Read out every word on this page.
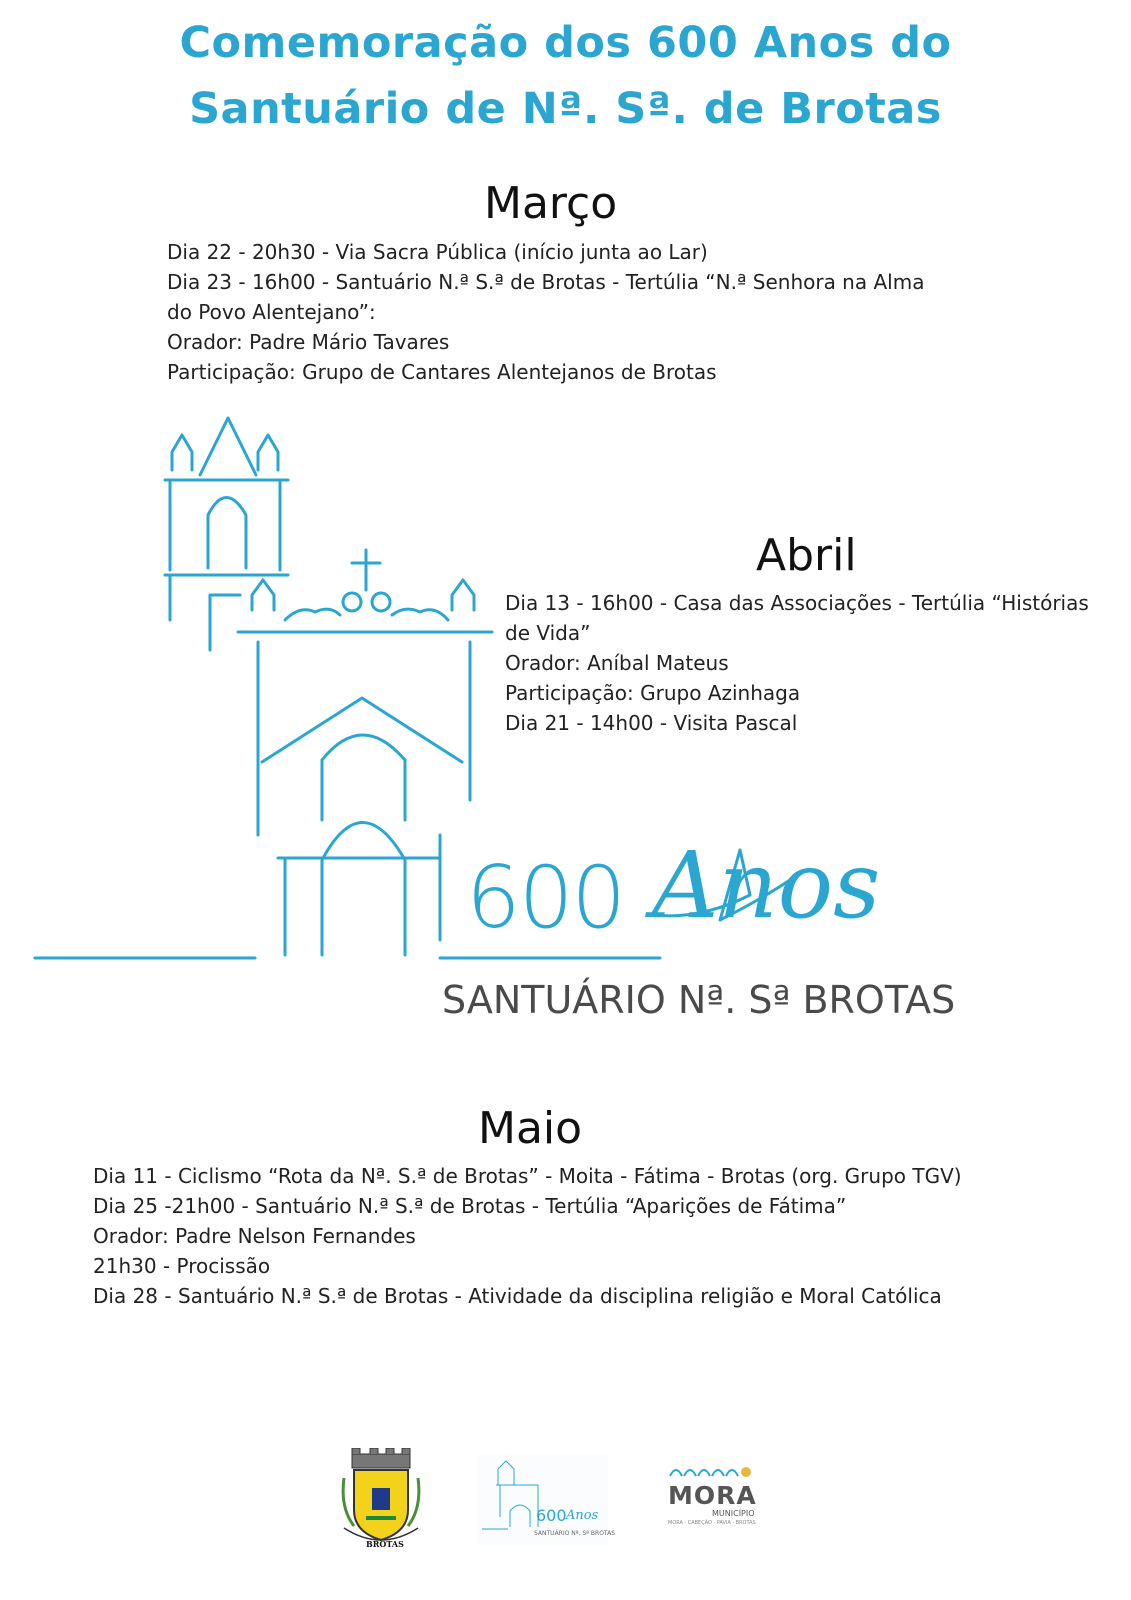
Comemoração dos 600 Anos do
Santuário de Nª. Sª. de Brotas
600 Anos
SANTUÁRIO Nª. Sª BROTAS
Março
Dia 22 - 20h30 - Via Sacra Pública (início junta ao Lar)
Dia 23 - 16h00 - Santuário N.ª S.ª de Brotas - Tertúlia “N.ª Senhora na Alma
do Povo Alentejano”:
Orador: Padre Mário Tavares
Participação: Grupo de Cantares Alentejanos de Brotas
Abril
Dia 13 - 16h00 - Casa das Associações - Tertúlia “Histórias
de Vida”
Orador: Aníbal Mateus
Participação: Grupo Azinhaga
Dia 21 - 14h00 - Visita Pascal
Maio
Dia 11 - Ciclismo “Rota da Nª. S.ª de Brotas” - Moita - Fátima - Brotas (org. Grupo TGV)
Dia 25 -21h00 - Santuário N.ª S.ª de Brotas - Tertúlia “Aparições de Fátima”
Orador: Padre Nelson Fernandes
21h30 - Procissão
Dia 28 - Santuário N.ª S.ª de Brotas - Atividade da disciplina religião e Moral Católica
BROTAS
600 Anos
SANTUÁRIO Nª. Sª BROTAS
MORA
MUNICÍPIO
MORA · CABEÇÃO · PAVIA · BROTAS
